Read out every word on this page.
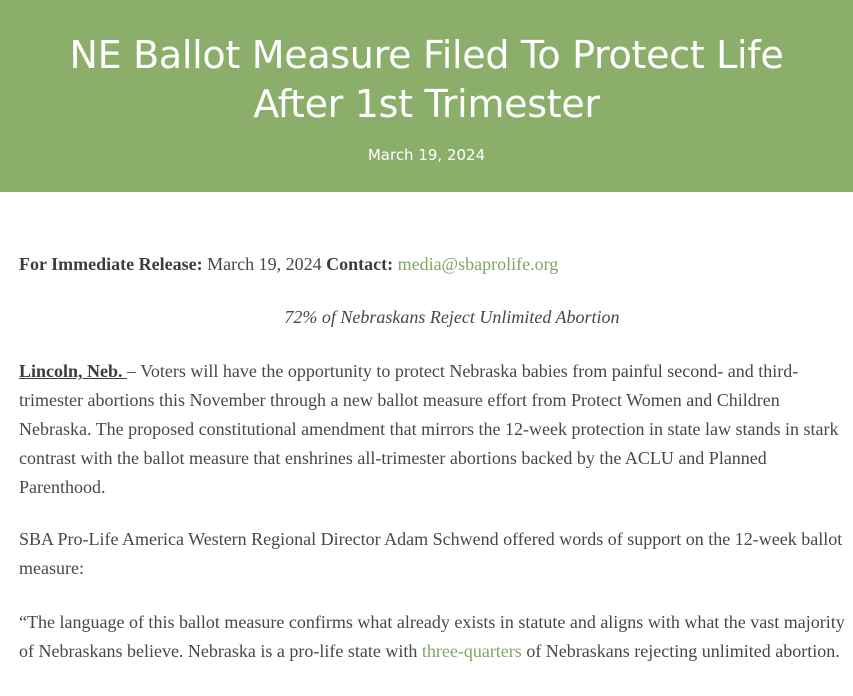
NE Ballot Measure Filed To Protect Life After 1st Trimester
March 19, 2024

For Immediate Release: March 19, 2024 Contact: media@sbaprolife.org

72% of Nebraskans Reject Unlimited Abortion

Lincoln, Neb. – Voters will have the opportunity to protect Nebraska babies from painful second- and third-trimester abortions this November through a new ballot measure effort from Protect Women and Children Nebraska. The proposed constitutional amendment that mirrors the 12-week protection in state law stands in stark contrast with the ballot measure that enshrines all-trimester abortions backed by the ACLU and Planned Parenthood.

SBA Pro-Life America Western Regional Director Adam Schwend offered words of support on the 12-week ballot measure:

“The language of this ballot measure confirms what already exists in statute and aligns with what the vast majority of Nebraskans believe. Nebraska is a pro-life state with three-quarters of Nebraskans rejecting unlimited abortion.
